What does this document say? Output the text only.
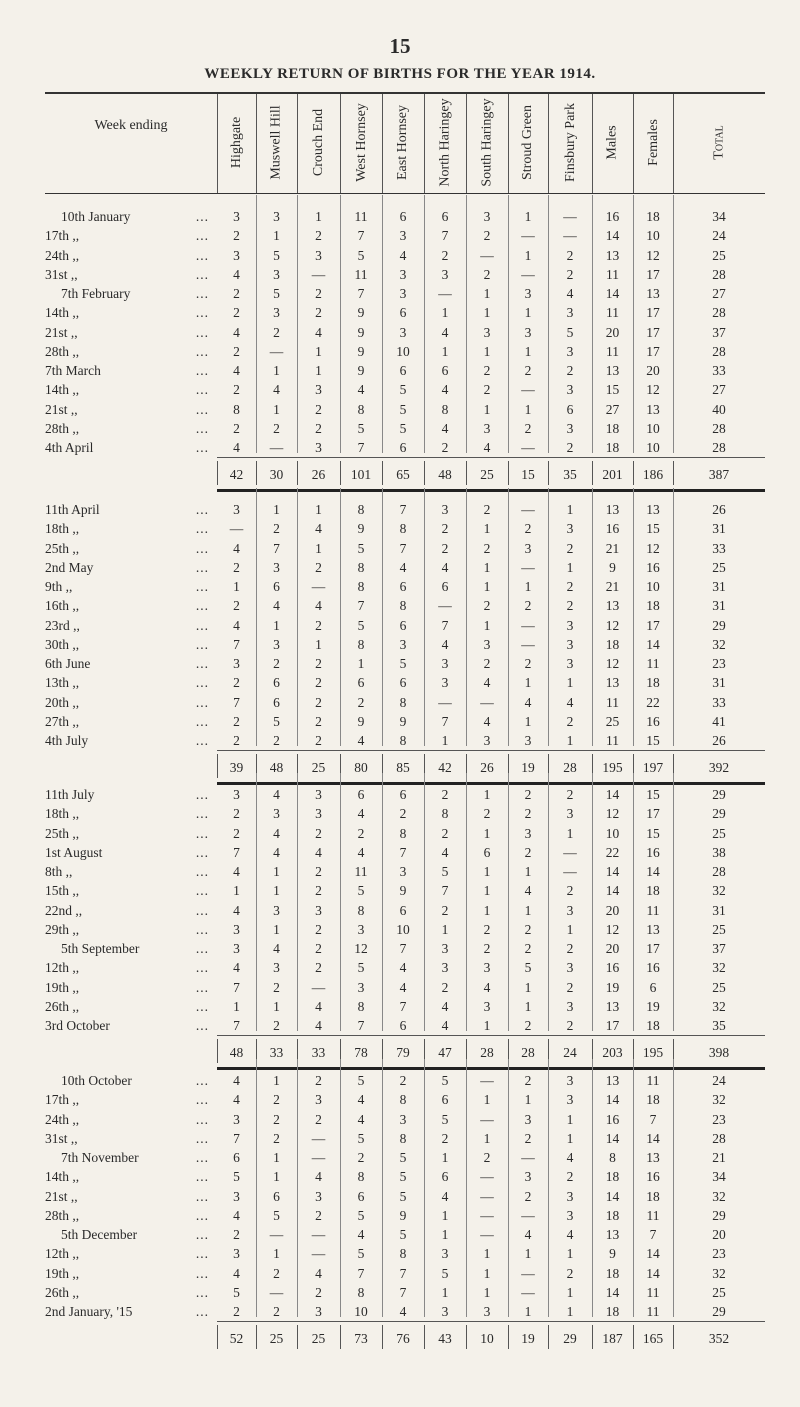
15
WEEKLY RETURN OF BIRTHS FOR THE YEAR 1914.
Week ending	Highgate Muswell Hill Crouch End West Hornsey East Hornsey North Haringey South Haringey Stroud Green Finsbury Park Males Females	Total
10th January	...	3	3	1	11	6	6	3	1	—	16	18	34
17th ,,	...	2	1	2	7	3	7	2	—	—	14	10	24
24th ,,	...	3	5	3	5	4	2	—	1	2	13	12	25
31st ,,	...	4	3	—	11	3	3	2	—	2	11	17	28
7th February	...	2	5	2	7	3	—	1	3	4	14	13	27
14th ,,	...	2	3	2	9	6	1	1	1	3	11	17	28
21st ,,	...	4	2	4	9	3	4	3	3	5	20	17	37
28th ,,	...	2	—	1	9	10	1	1	1	3	11	17	28
7th March	...	4	1	1	9	6	6	2	2	2	13	20	33
14th ,,	...	2	4	3	4	5	4	2	—	3	15	12	27
21st ,,	...	8	1	2	8	5	8	1	1	6	27	13	40
28th ,,	...	2	2	2	5	5	4	3	2	3	18	10	28
4th April	...	4	—	3	7	6	2	4	—	2	18	10	28
42	30	26	101	65	48	25	15	35	201	186	387
11th April	...	3	1	1	8	7	3	2	—	1	13	13	26
18th ,,	...	—	2	4	9	8	2	1	2	3	16	15	31
25th ,,	...	4	7	1	5	7	2	2	3	2	21	12	33
2nd May	...	2	3	2	8	4	4	1	—	1	9	16	25
9th ,,	...	1	6	—	8	6	6	1	1	2	21	10	31
16th ,,	...	2	4	4	7	8	—	2	2	2	13	18	31
23rd ,,	...	4	1	2	5	6	7	1	—	3	12	17	29
30th ,,	...	7	3	1	8	3	4	3	—	3	18	14	32
6th June	...	3	2	2	1	5	3	2	2	3	12	11	23
13th ,,	...	2	6	2	6	6	3	4	1	1	13	18	31
20th ,,	...	7	6	2	2	8	—	—	4	4	11	22	33
27th ,,	...	2	5	2	9	9	7	4	1	2	25	16	41
4th July	...	2	2	2	4	8	1	3	3	1	11	15	26
39	48	25	80	85	42	26	19	28	195	197	392
11th July	...	3	4	3	6	6	2	1	2	2	14	15	29
18th ,,	...	2	3	3	4	2	8	2	2	3	12	17	29
25th ,,	...	2	4	2	2	8	2	1	3	1	10	15	25
1st August	...	7	4	4	4	7	4	6	2	—	22	16	38
8th ,,	...	4	1	2	11	3	5	1	1	—	14	14	28
15th ,,	...	1	1	2	5	9	7	1	4	2	14	18	32
22nd ,,	...	4	3	3	8	6	2	1	1	3	20	11	31
29th ,,	...	3	1	2	3	10	1	2	2	1	12	13	25
5th September	...	3	4	2	12	7	3	2	2	2	20	17	37
12th ,,	...	4	3	2	5	4	3	3	5	3	16	16	32
19th ,,	...	7	2	—	3	4	2	4	1	2	19	6	25
26th ,,	...	1	1	4	8	7	4	3	1	3	13	19	32
3rd October	...	7	2	4	7	6	4	1	2	2	17	18	35
48	33	33	78	79	47	28	28	24	203	195	398
10th October	...	4	1	2	5	2	5	—	2	3	13	11	24
17th ,,	...	4	2	3	4	8	6	1	1	3	14	18	32
24th ,,	...	3	2	2	4	3	5	—	3	1	16	7	23
31st ,,	...	7	2	—	5	8	2	1	2	1	14	14	28
7th November	...	6	1	—	2	5	1	2	—	4	8	13	21
14th ,,	...	5	1	4	8	5	6	—	3	2	18	16	34
21st ,,	...	3	6	3	6	5	4	—	2	3	14	18	32
28th ,,	...	4	5	2	5	9	1	—	—	3	18	11	29
5th December	...	2	—	—	4	5	1	—	4	4	13	7	20
12th ,,	...	3	1	—	5	8	3	1	1	1	9	14	23
19th ,,	...	4	2	4	7	7	5	1	—	2	18	14	32
26th ,,	...	5	—	2	8	7	1	1	—	1	14	11	25
2nd January, '15	...	2	2	3	10	4	3	3	1	1	18	11	29
52	25	25	73	76	43	10	19	29	187	165	352
